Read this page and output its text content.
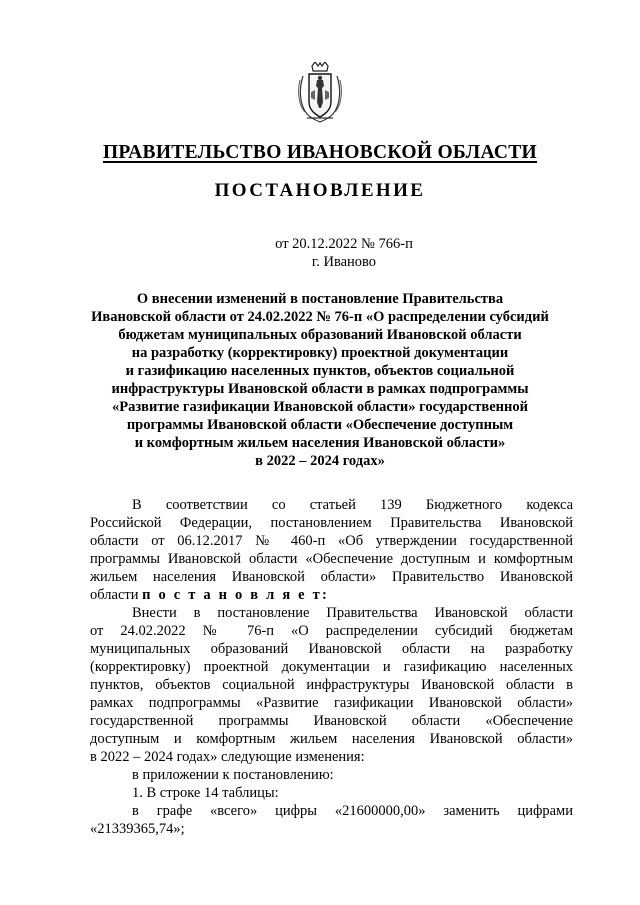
ПРАВИТЕЛЬСТВО ИВАНОВСКОЙ ОБЛАСТИ
ПОСТАНОВЛЕНИЕ
от 20.12.2022 № 766-п
г. Иваново
О внесении изменений в постановление Правительства
Ивановской области от 24.02.2022 № 76-п «О распределении субсидий
бюджетам муниципальных образований Ивановской области
на разработку (корректировку) проектной документации
и газификацию населенных пунктов, объектов социальной
инфраструктуры Ивановской области в рамках подпрограммы
«Развитие газификации Ивановской области» государственной
программы Ивановской области «Обеспечение доступным
и комфортным жильем населения Ивановской области»
в 2022 – 2024 годах»
В соответствии со статьей 139 Бюджетного кодекса
Российской Федерации, постановлением Правительства Ивановской
области от 06.12.2017 № 460-п «Об утверждении государственной
программы Ивановской области «Обеспечение доступным и комфортным
жильем населения Ивановской области» Правительство Ивановской
области п о с т а н о в л я е т:
Внести в постановление Правительства Ивановской области
от 24.02.2022 № 76-п «О распределении субсидий бюджетам
муниципальных образований Ивановской области на разработку
(корректировку) проектной документации и газификацию населенных
пунктов, объектов социальной инфраструктуры Ивановской области в
рамках подпрограммы «Развитие газификации Ивановской области»
государственной программы Ивановской области «Обеспечение
доступным и комфортным жильем населения Ивановской области»
в 2022 – 2024 годах» следующие изменения:
в приложении к постановлению:
1. В строке 14 таблицы:
в графе «всего» цифры «21600000,00» заменить цифрами
«21339365,74»;
